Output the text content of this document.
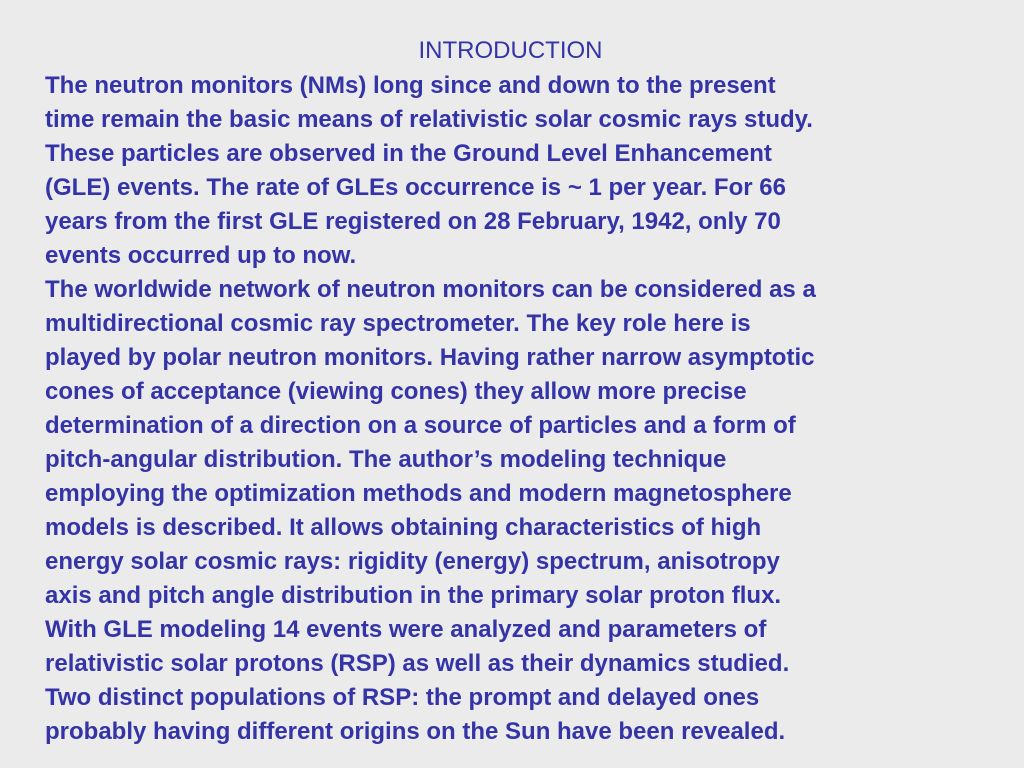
INTRODUCTION
The neutron monitors (NMs) long since and down to the present
time remain the basic means of relativistic solar cosmic rays study.
These particles are observed in the Ground Level Enhancement
(GLE) events. The rate of GLEs occurrence is ~ 1 per year. For 66
years from the first GLE registered on 28 February, 1942, only 70
events occurred up to now.
The worldwide network of neutron monitors can be considered as a
multidirectional cosmic ray spectrometer. The key role here is
played by polar neutron monitors. Having rather narrow asymptotic
cones of acceptance (viewing cones) they allow more precise
determination of a direction on a source of particles and a form of
pitch-angular distribution. The author’s modeling technique
employing the optimization methods and modern magnetosphere
models is described. It allows obtaining characteristics of high
energy solar cosmic rays: rigidity (energy) spectrum, anisotropy
axis and pitch angle distribution in the primary solar proton flux.
With GLE modeling 14 events were analyzed and parameters of
relativistic solar protons (RSP) as well as their dynamics studied.
Two distinct populations of RSP: the prompt and delayed ones
probably having different origins on the Sun have been revealed.
